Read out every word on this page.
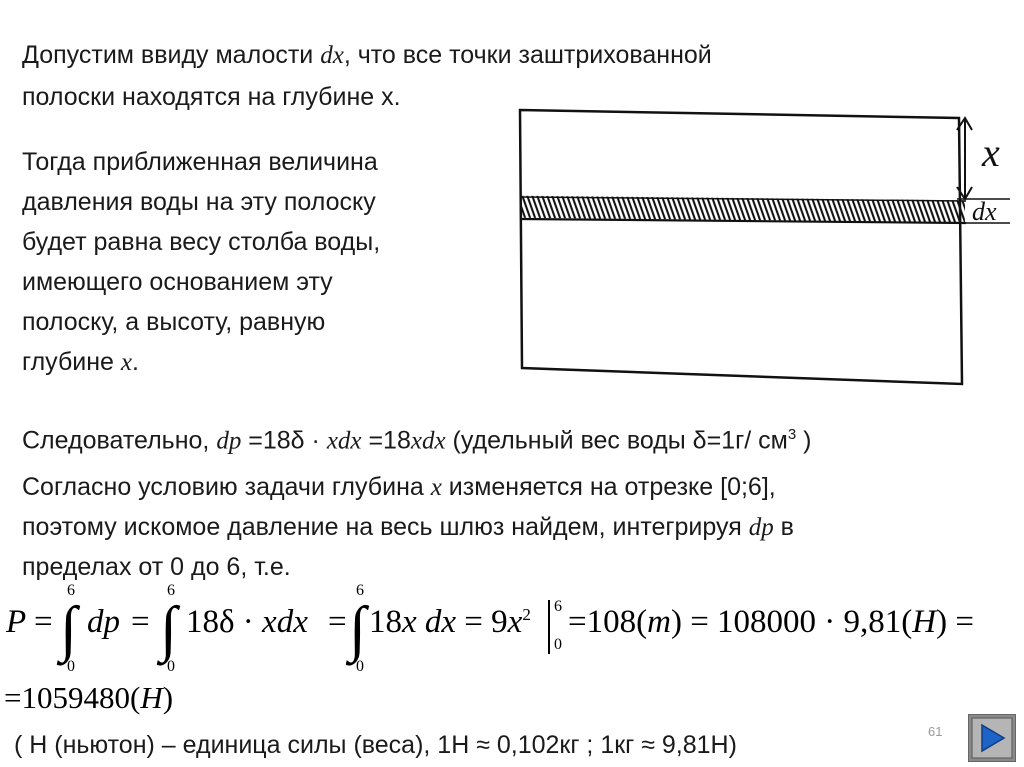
Допустим ввиду малости dx, что все точки заштрихованной
полоски находятся на глубине x.
Тогда приближенная величина
давления воды на эту полоску
будет равна весу столба воды,
имеющего основанием эту
полоску, а высоту, равную
глубине x.
x
dx
Следовательно, dp =18δ · xdx =18xdx (удельный вес воды δ=1г/ $см^3$ )
Согласно условию задачи глубина x изменяется на отрезке [0;6],
поэтому искомое давление на весь шлюз найдем, интегрируя dp в
пределах от 0 до 6, т.е.
P =
6
∫
0
dp =
6
∫
0
18δ · xdx =
6
∫
0
18x dx = $9x^2$ 6
0
=108(т) = 108000 · 9,81(Н) =
=1059480(Н)
( Н (ньютон) – единица силы (веса), 1Н ≈ 0,102кг ; 1кг ≈ 9,81Н)	61
